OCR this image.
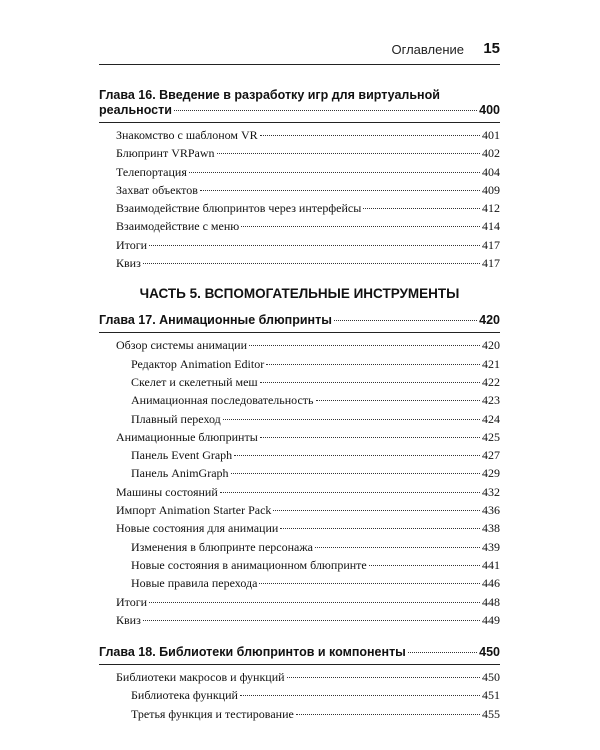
Оглавление 15
Глава 16. Введение в разработку игр для виртуальной
реальности	400
Знакомство с шаблоном VR	401
Блюпринт VRPawn	402
Телепортация	404
Захват объектов	409
Взаимодействие блюпринтов через интерфейсы	412
Взаимодействие с меню	414
Итоги	417
Квиз	417
ЧАСТЬ 5. ВСПОМОГАТЕЛЬНЫЕ ИНСТРУМЕНТЫ
Глава 17. Анимационные блюпринты	420
Обзор системы анимации	420
Редактор Animation Editor	421
Скелет и скелетный меш	422
Анимационная последовательность	423
Плавный переход	424
Анимационные блюпринты	425
Панель Event Graph	427
Панель AnimGraph	429
Машины состояний	432
Импорт Animation Starter Pack	436
Новые состояния для анимации	438
Изменения в блюпринте персонажа	439
Новые состояния в анимационном блюпринте	441
Новые правила перехода	446
Итоги	448
Квиз	449
Глава 18. Библиотеки блюпринтов и компоненты	450
Библиотеки макросов и функций	450
Библиотека функций	451
Третья функция и тестирование	455
